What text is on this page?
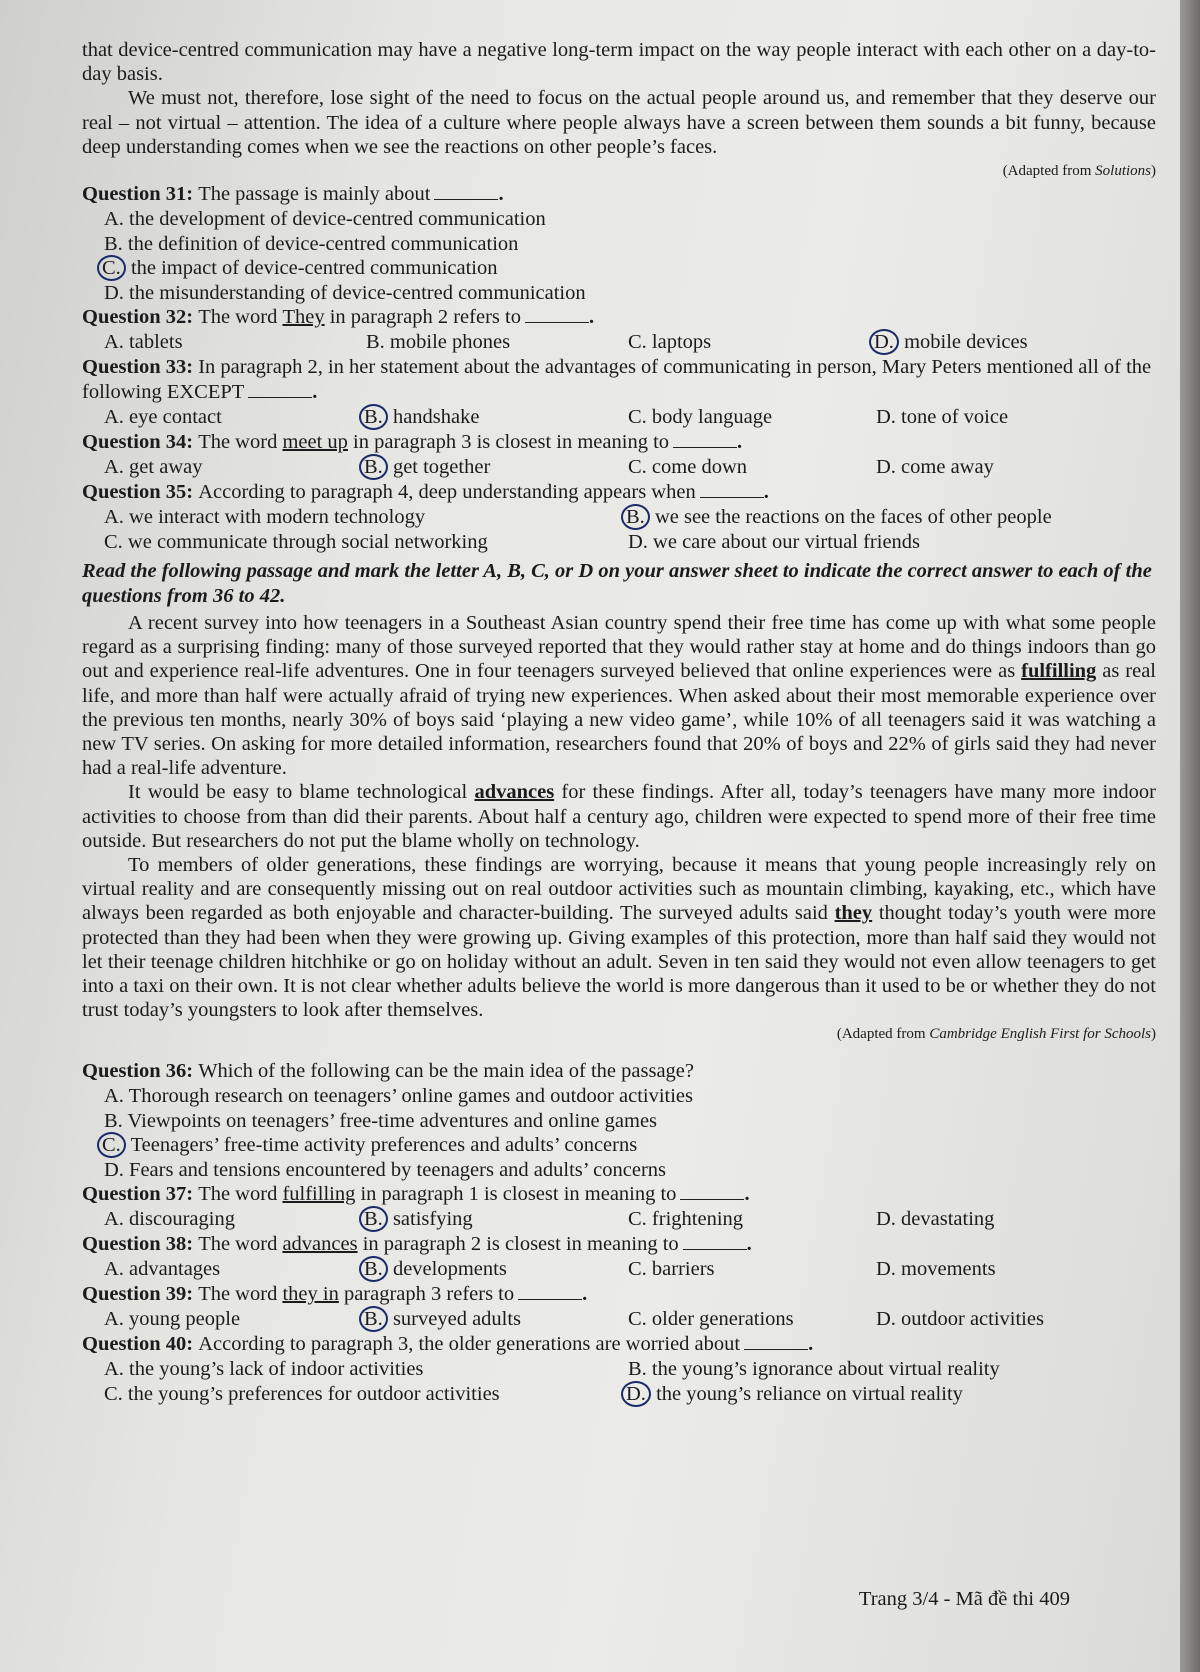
that device-centred communication may have a negative long-term impact on the way people interact with each other on a day-to-day basis.

We must not, therefore, lose sight of the need to focus on the actual people around us, and remember that they deserve our real – not virtual – attention. The idea of a culture where people always have a screen between them sounds a bit funny, because deep understanding comes when we see the reactions on other people’s faces.

(Adapted from Solutions)

Question 31: The passage is mainly about	.

A. the development of device-centred communication

B. the definition of device-centred communication

C. the impact of device-centred communication

D. the misunderstanding of device-centred communication

Question 32: The word They in paragraph 2 refers to	.

A. tablets	B. mobile phones	C. laptops	D. mobile devices

Question 33: In paragraph 2, in her statement about the advantages of communicating in person, Mary Peters mentioned all of the following EXCEPT	.

A. eye contact	B. handshake	C. body language	D. tone of voice

Question 34: The word meet up in paragraph 3 is closest in meaning to	.

A. get away	B. get together	C. come down	D. come away

Question 35: According to paragraph 4, deep understanding appears when	.

A. we interact with modern technology	B. we see the reactions on the faces of other people
C. we communicate through social networking	D. we care about our virtual friends

Read the following passage and mark the letter A, B, C, or D on your answer sheet to indicate the correct answer to each of the questions from 36 to 42.

A recent survey into how teenagers in a Southeast Asian country spend their free time has come up with what some people regard as a surprising finding: many of those surveyed reported that they would rather stay at home and do things indoors than go out and experience real-life adventures. One in four teenagers surveyed believed that online experiences were as fulfilling as real life, and more than half were actually afraid of trying new experiences. When asked about their most memorable experience over the previous ten months, nearly 30% of boys said ‘playing a new video game’, while 10% of all teenagers said it was watching a new TV series. On asking for more detailed information, researchers found that 20% of boys and 22% of girls said they had never had a real-life adventure.

It would be easy to blame technological advances for these findings. After all, today’s teenagers have many more indoor activities to choose from than did their parents. About half a century ago, children were expected to spend more of their free time outside. But researchers do not put the blame wholly on technology.

To members of older generations, these findings are worrying, because it means that young people increasingly rely on virtual reality and are consequently missing out on real outdoor activities such as mountain climbing, kayaking, etc., which have always been regarded as both enjoyable and character-building. The surveyed adults said they thought today’s youth were more protected than they had been when they were growing up. Giving examples of this protection, more than half said they would not let their teenage children hitchhike or go on holiday without an adult. Seven in ten said they would not even allow teenagers to get into a taxi on their own. It is not clear whether adults believe the world is more dangerous than it used to be or whether they do not trust today’s youngsters to look after themselves.

(Adapted from Cambridge English First for Schools)

Question 36: Which of the following can be the main idea of the passage?

A. Thorough research on teenagers’ online games and outdoor activities

B. Viewpoints on teenagers’ free-time adventures and online games

C. Teenagers’ free-time activity preferences and adults’ concerns

D. Fears and tensions encountered by teenagers and adults’ concerns

Question 37: The word fulfilling in paragraph 1 is closest in meaning to	.

A. discouraging	B. satisfying	C. frightening	D. devastating

Question 38: The word advances in paragraph 2 is closest in meaning to	.

A. advantages	B. developments	C. barriers	D. movements

Question 39: The word they in paragraph 3 refers to	.

A. young people	B. surveyed adults	C. older generations	D. outdoor activities

Question 40: According to paragraph 3, the older generations are worried about	.

A. the young’s lack of indoor activities	B. the young’s ignorance about virtual reality
C. the young’s preferences for outdoor activities	D. the young’s reliance on virtual reality

Trang 3/4 - Mã đề thi 409
